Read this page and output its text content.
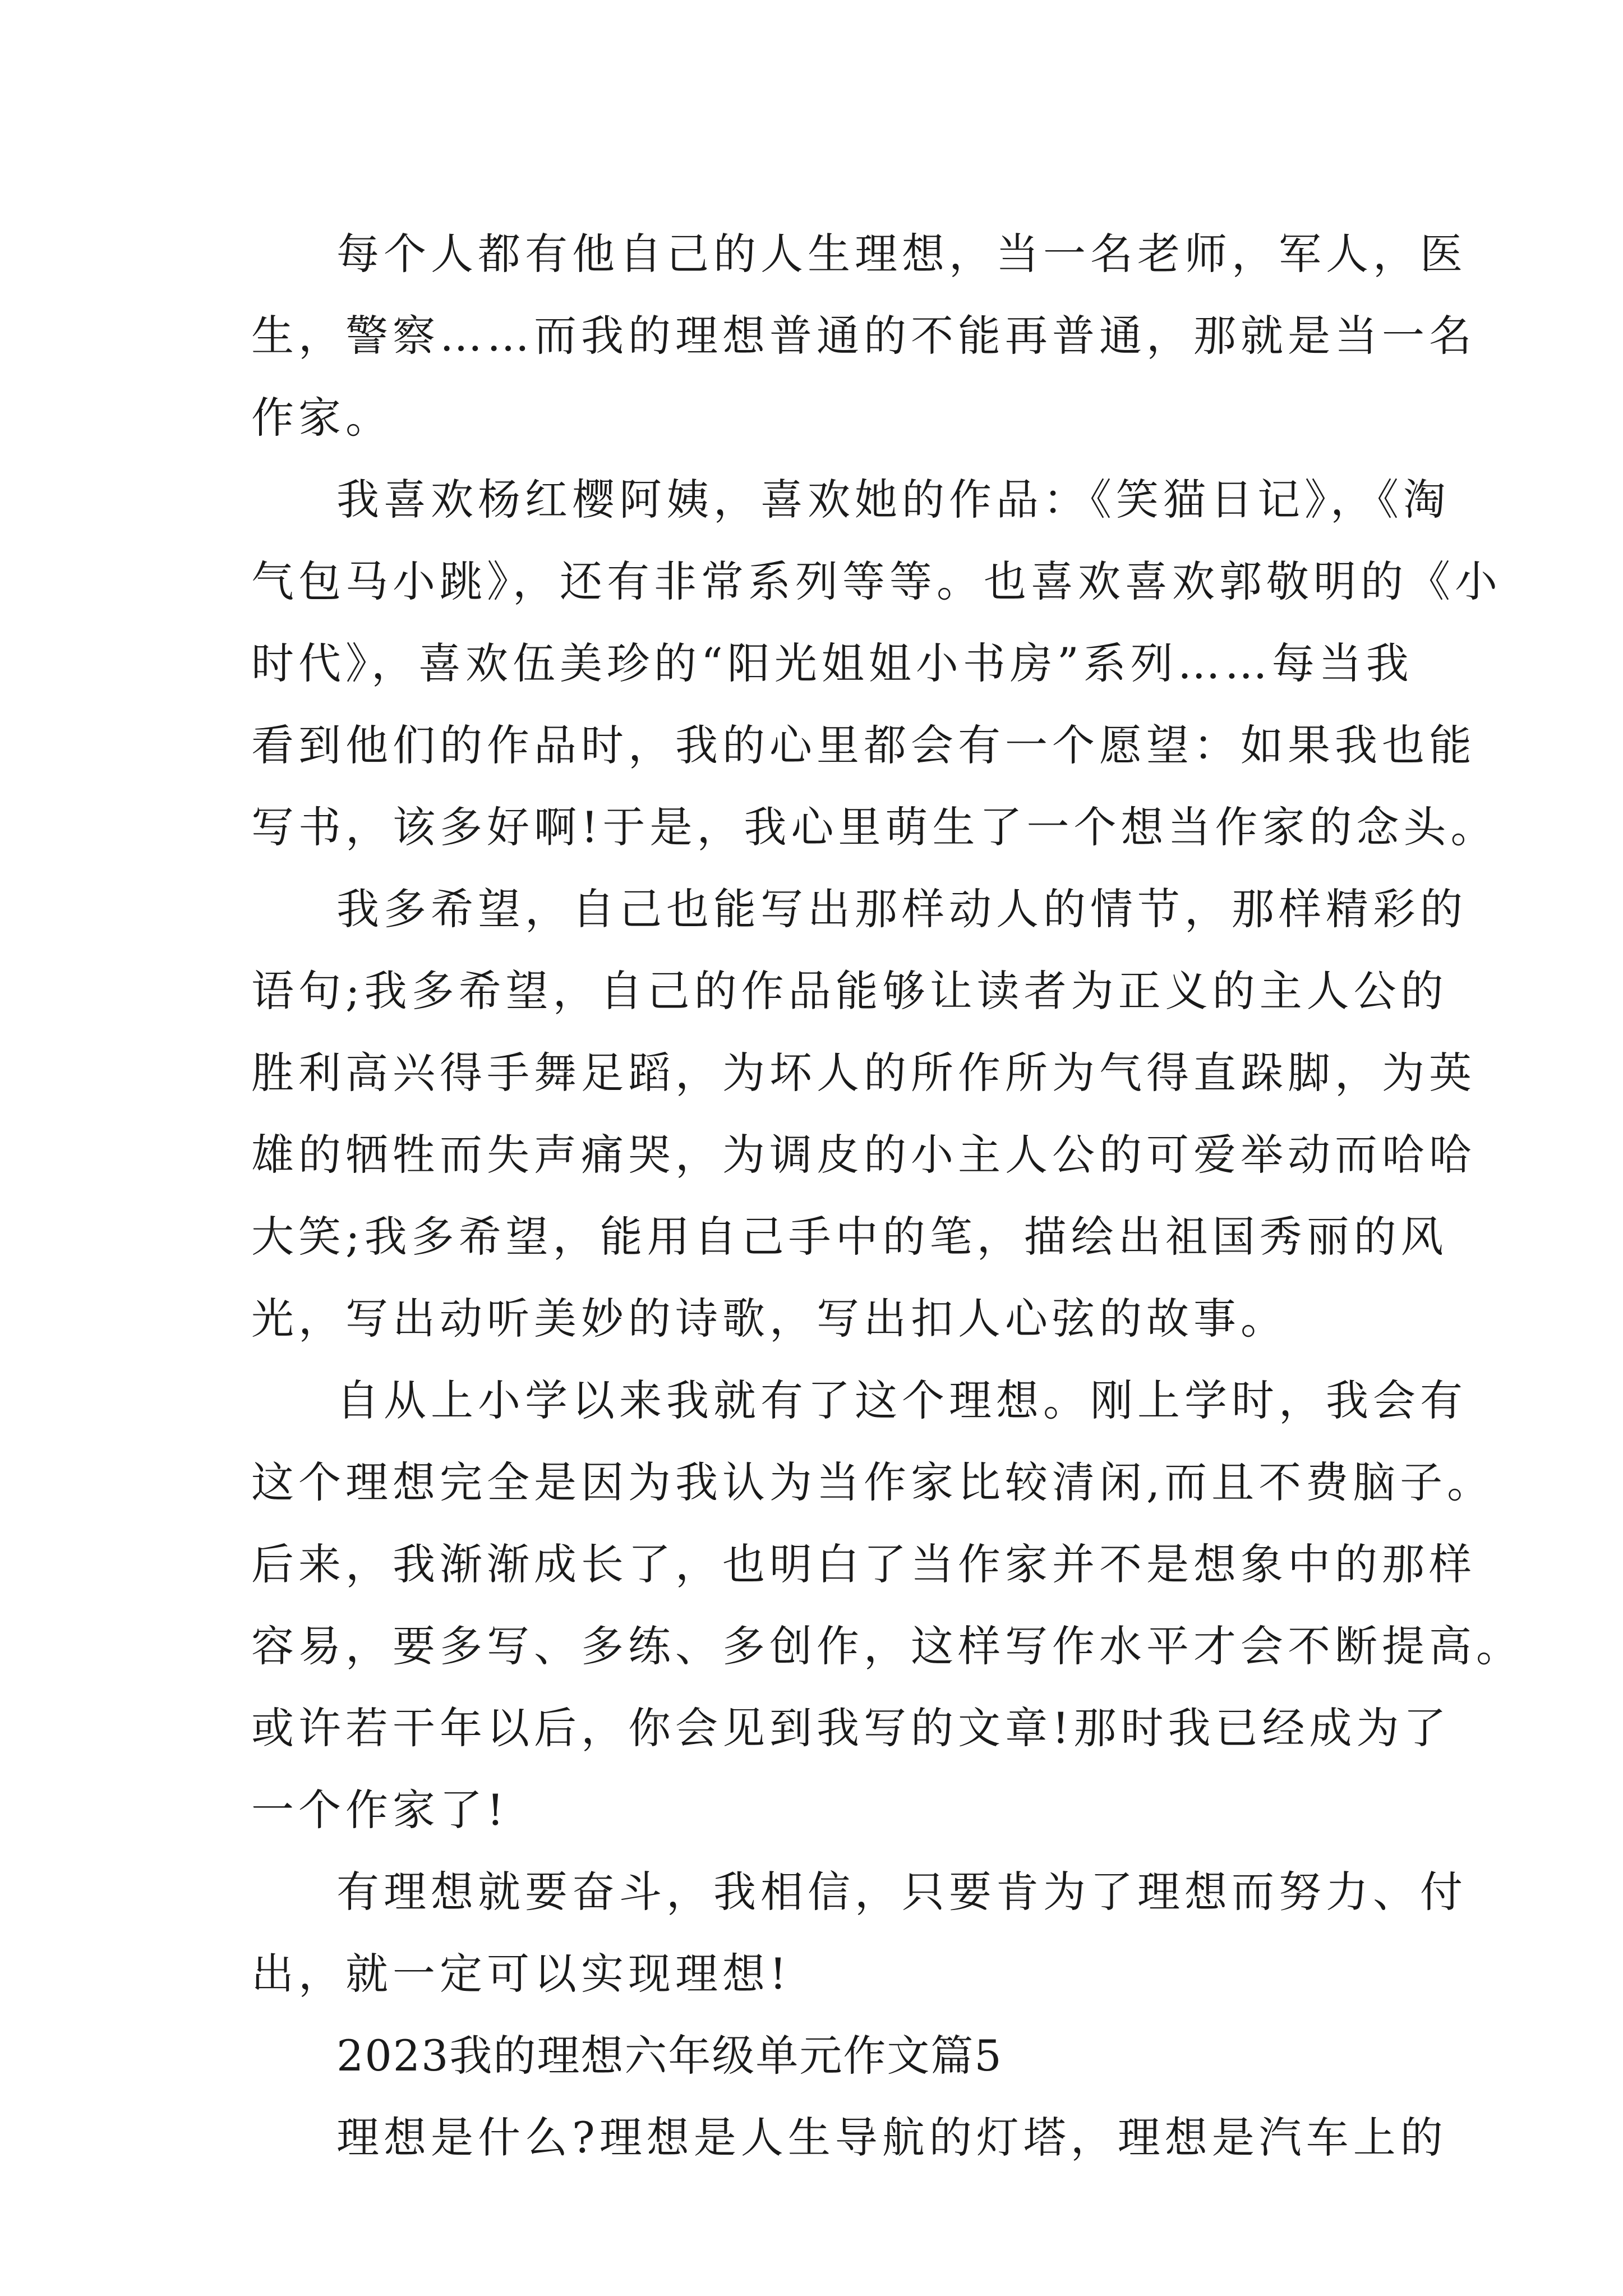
每个人都有他自己的人生理想，当一名老师，军人，医
生，警察……而我的理想普通的不能再普通，那就是当一名
作家。
我喜欢杨红樱阿姨，喜欢她的作品：《笑猫日记》，《淘
气包马小跳》，还有非常系列等等。也喜欢喜欢郭敬明的《小
时代》，喜欢伍美珍的“阳光姐姐小书房”系列……每当我
看到他们的作品时，我的心里都会有一个愿望：如果我也能
写书，该多好啊!于是，我心里萌生了一个想当作家的念头。
我多希望，自己也能写出那样动人的情节，那样精彩的
语句;我多希望，自己的作品能够让读者为正义的主人公的
胜利高兴得手舞足蹈，为坏人的所作所为气得直跺脚，为英
雄的牺牲而失声痛哭，为调皮的小主人公的可爱举动而哈哈
大笑;我多希望，能用自己手中的笔，描绘出祖国秀丽的风
光，写出动听美妙的诗歌，写出扣人心弦的故事。
自从上小学以来我就有了这个理想。刚上学时，我会有
这个理想完全是因为我认为当作家比较清闲,而且不费脑子。
后来，我渐渐成长了，也明白了当作家并不是想象中的那样
容易，要多写、多练、多创作，这样写作水平才会不断提高。
或许若干年以后，你会见到我写的文章!那时我已经成为了
一个作家了!
有理想就要奋斗，我相信，只要肯为了理想而努力、付
出，就一定可以实现理想!
2023我的理想六年级单元作文篇5
理想是什么?理想是人生导航的灯塔，理想是汽车上的
